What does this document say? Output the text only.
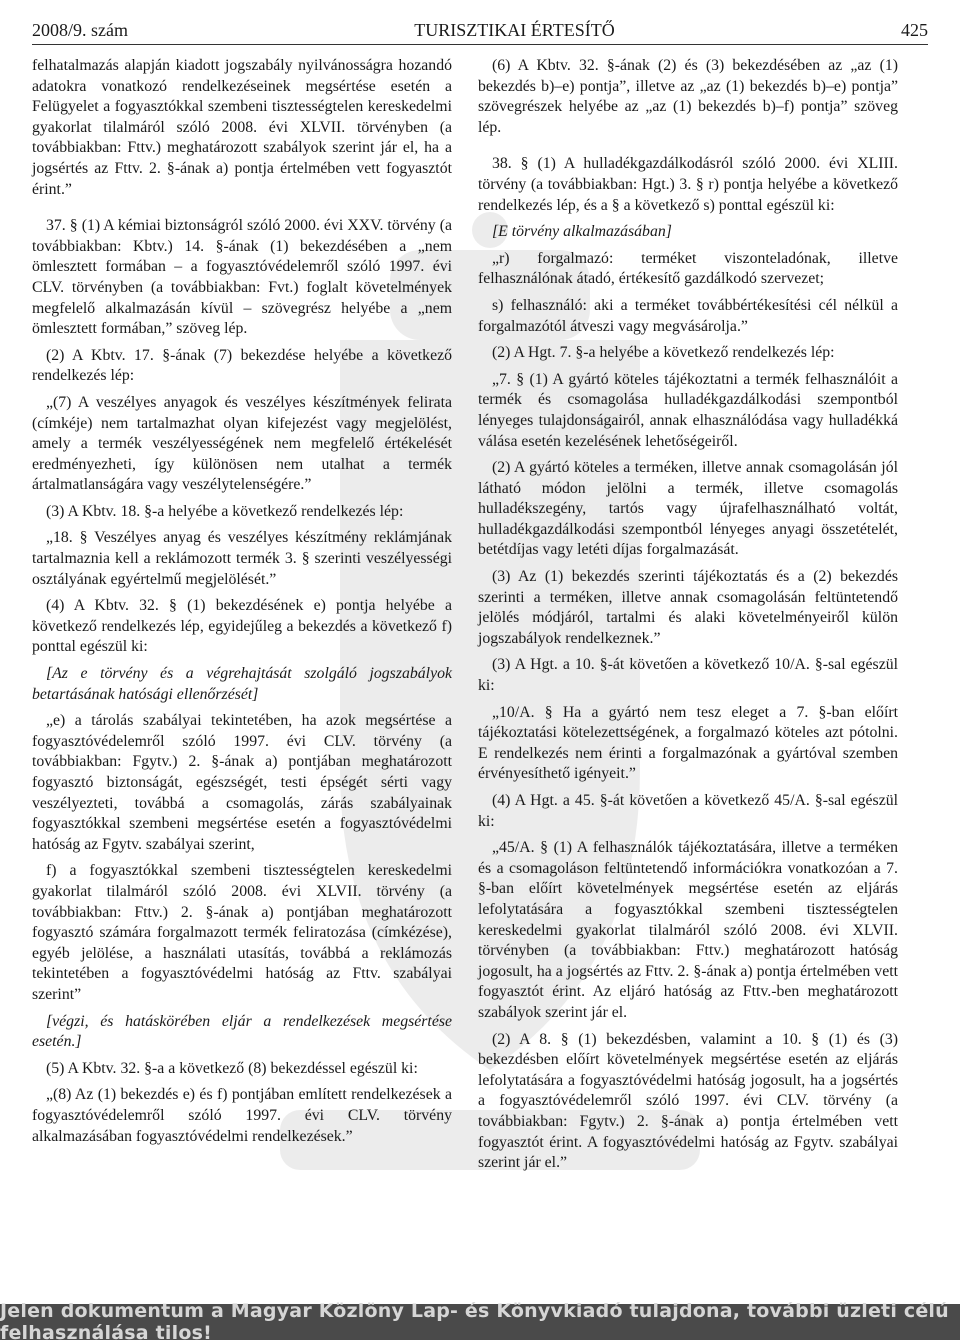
2008/9. szám	TURISZTIKAI ÉRTESÍTŐ	425

felhatalmazás alapján kiadott jogszabály nyilvánosságra hozandó adatokra vonatkozó rendelkezéseinek megsértése esetén a Felügyelet a fogyasztókkal szembeni tisztességtelen kereskedelmi gyakorlat tilalmáról szóló 2008. évi XLVII. törvényben (a továbbiakban: Fttv.) meghatározott szabályok szerint jár el, ha a jogsértés az Fttv. 2. §-ának a) pontja értelmében vett fogyasztót érint.”

37. § (1) A kémiai biztonságról szóló 2000. évi XXV. törvény (a továbbiakban: Kbtv.) 14. §-ának (1) bekezdésében a „nem ömlesztett formában – a fogyasztóvédelemről szóló 1997. évi CLV. törvényben (a továbbiakban: Fvt.) foglalt követelmények megfelelő alkalmazásán kívül – szövegrész helyébe a „nem ömlesztett formában,” szöveg lép.

(2) A Kbtv. 17. §-ának (7) bekezdése helyébe a következő rendelkezés lép:

„(7) A veszélyes anyagok és veszélyes készítmények felirata (címkéje) nem tartalmazhat olyan kifejezést vagy megjelölést, amely a termék veszélyességének nem megfelelő értékelését eredményezheti, így különösen nem utalhat a termék ártalmatlanságára vagy veszélytelenségére.”

(3) A Kbtv. 18. §-a helyébe a következő rendelkezés lép:

„18. § Veszélyes anyag és veszélyes készítmény reklámjának tartalmaznia kell a reklámozott termék 3. § szerinti veszélyességi osztályának egyértelmű megjelölését.”

(4) A Kbtv. 32. § (1) bekezdésének e) pontja helyébe a következő rendelkezés lép, egyidejűleg a bekezdés a következő f) ponttal egészül ki:

[Az e törvény és a végrehajtását szolgáló jogszabályok betartásának hatósági ellenőrzését]

„e) a tárolás szabályai tekintetében, ha azok megsértése a fogyasztóvédelemről szóló 1997. évi CLV. törvény (a továbbiakban: Fgytv.) 2. §-ának a) pontjában meghatározott fogyasztó biztonságát, egészségét, testi épségét sérti vagy veszélyezteti, továbbá a csomagolás, zárás szabályainak fogyasztókkal szembeni megsértése esetén a fogyasztóvédelmi hatóság az Fgytv. szabályai szerint,

f) a fogyasztókkal szembeni tisztességtelen kereskedelmi gyakorlat tilalmáról szóló 2008. évi XLVII. törvény (a továbbiakban: Fttv.) 2. §-ának a) pontjában meghatározott fogyasztó számára forgalmazott termék feliratozása (címkézése), egyéb jelölése, a használati utasítás, továbbá a reklámozás tekintetében a fogyasztóvédelmi hatóság az Fttv. szabályai szerint”

[végzi, és hatáskörében eljár a rendelkezések megsértése esetén.]

(5) A Kbtv. 32. §-a a következő (8) bekezdéssel egészül ki:

„(8) Az (1) bekezdés e) és f) pontjában említett rendelkezések a fogyasztóvédelemről szóló 1997. évi CLV. törvény alkalmazásában fogyasztóvédelmi rendelkezések.”

(6) A Kbtv. 32. §-ának (2) és (3) bekezdésében az „az (1) bekezdés b)–e) pontja”, illetve az „az (1) bekezdés b)–e) pontja” szövegrészek helyébe az „az (1) bekezdés b)–f) pontja” szöveg lép.

38. § (1) A hulladékgazdálkodásról szóló 2000. évi XLIII. törvény (a továbbiakban: Hgt.) 3. § r) pontja helyébe a következő rendelkezés lép, és a § a következő s) ponttal egészül ki:

[E törvény alkalmazásában]

„r) forgalmazó: terméket viszonteladónak, illetve felhasználónak átadó, értékesítő gazdálkodó szervezet;

s) felhasználó: aki a terméket továbbértékesítési cél nélkül a forgalmazótól átveszi vagy megvásárolja.”

(2) A Hgt. 7. §-a helyébe a következő rendelkezés lép:

„7. § (1) A gyártó köteles tájékoztatni a termék felhasználóit a termék és csomagolása hulladékgazdálkodási szempontból lényeges tulajdonságairól, annak elhasználódása vagy hulladékká válása esetén kezelésének lehetőségeiről.

(2) A gyártó köteles a terméken, illetve annak csomagolásán jól látható módon jelölni a termék, illetve csomagolás hulladékszegény, tartós vagy újrafelhasználható voltát, hulladékgazdálkodási szempontból lényeges anyagi összetételét, betétdíjas vagy letéti díjas forgalmazását.

(3) Az (1) bekezdés szerinti tájékoztatás és a (2) bekezdés szerinti a terméken, illetve annak csomagolásán feltüntetendő jelölés módjáról, tartalmi és alaki követelményeiről külön jogszabályok rendelkeznek.”

(3) A Hgt. a 10. §-át követően a következő 10/A. §-sal egészül ki:

„10/A. § Ha a gyártó nem tesz eleget a 7. §-ban előírt tájékoztatási kötelezettségének, a forgalmazó köteles azt pótolni. E rendelkezés nem érinti a forgalmazónak a gyártóval szemben érvényesíthető igényeit.”

(4) A Hgt. a 45. §-át követően a következő 45/A. §-sal egészül ki:

„45/A. § (1) A felhasználók tájékoztatására, illetve a terméken és a csomagoláson feltüntetendő információkra vonatkozóan a 7. §-ban előírt követelmények megsértése esetén az eljárás lefolytatására a fogyasztókkal szembeni tisztességtelen kereskedelmi gyakorlat tilalmáról szóló 2008. évi XLVII. törvényben (a továbbiakban: Fttv.) meghatározott hatóság jogosult, ha a jogsértés az Fttv. 2. §-ának a) pontja értelmében vett fogyasztót érint. Az eljáró hatóság az Fttv.-ben meghatározott szabályok szerint jár el.

(2) A 8. § (1) bekezdésben, valamint a 10. § (1) és (3) bekezdésben előírt követelmények megsértése esetén az eljárás lefolytatására a fogyasztóvédelmi hatóság jogosult, ha a jogsértés a fogyasztóvédelemről szóló 1997. évi CLV. törvény (a továbbiakban: Fgytv.) 2. §-ának a) pontja értelmében vett fogyasztót érint. A fogyasztóvédelmi hatóság az Fgytv. szabályai szerint jár el.”

Jelen dokumentum a Magyar Közlöny Lap- és Könyvkiadó tulajdona, további üzleti célú felhasználása tilos!
